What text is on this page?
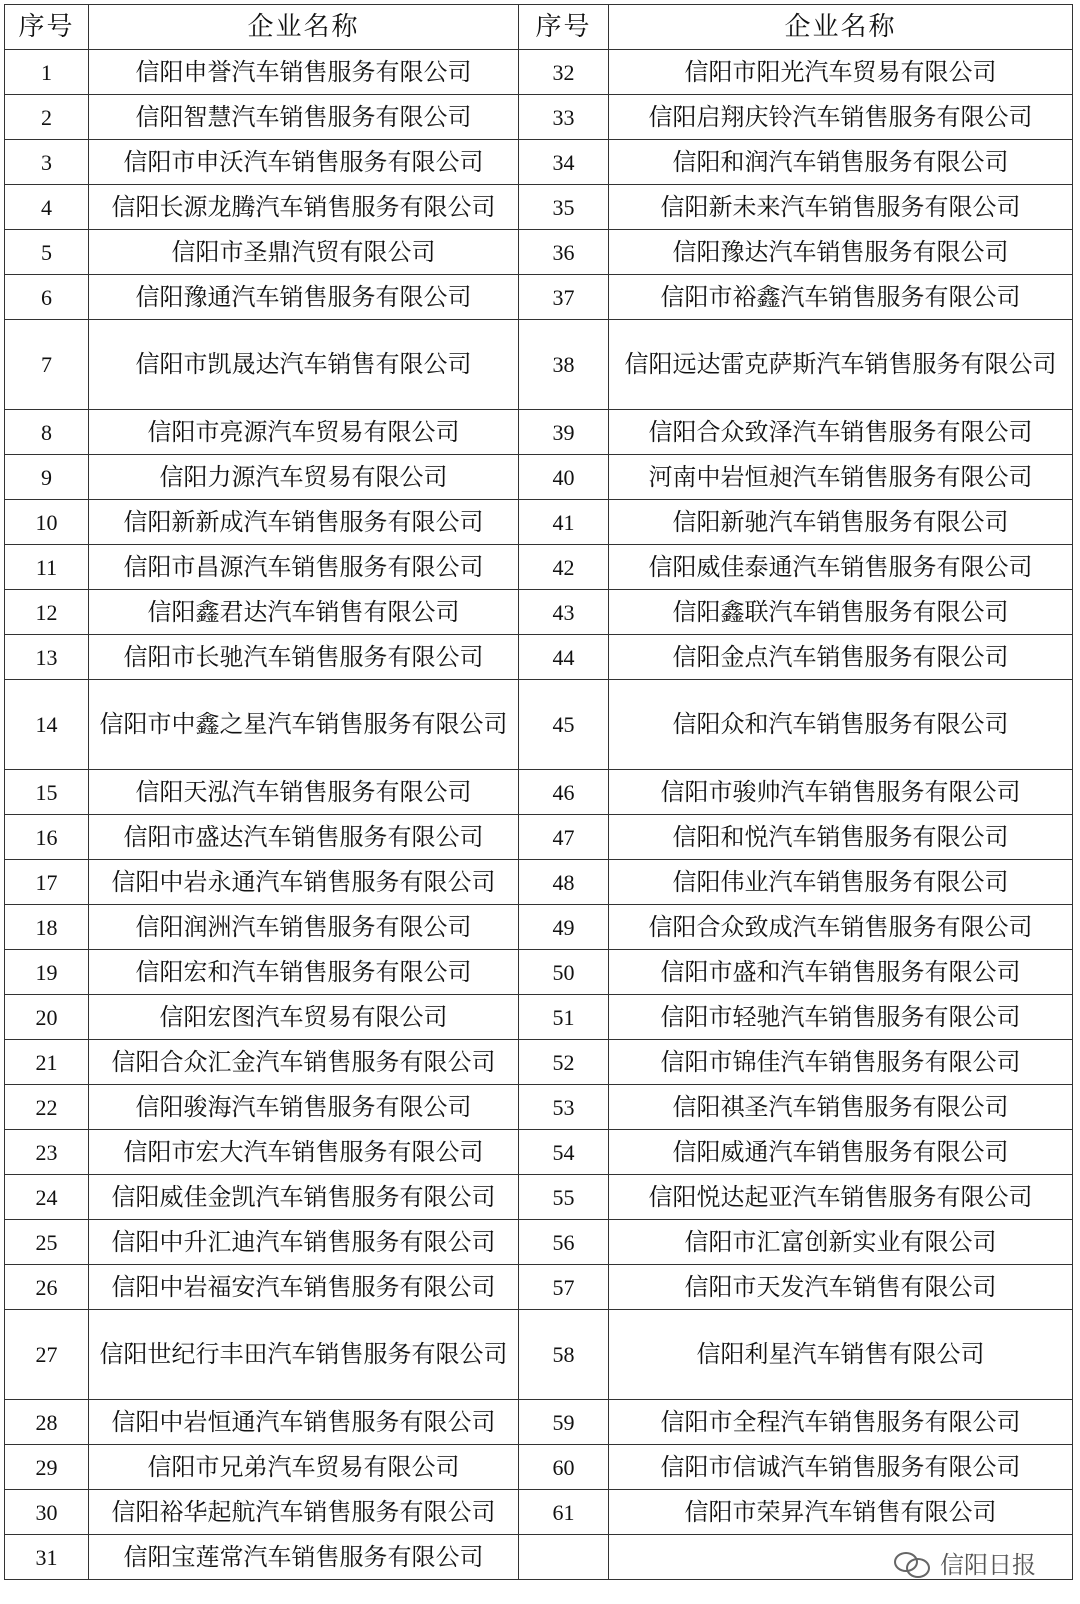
序号	企业名称	序号	企业名称
1	信阳申誉汽车销售服务有限公司	32	信阳市阳光汽车贸易有限公司
2	信阳智慧汽车销售服务有限公司	33	信阳启翔庆铃汽车销售服务有限公司
3	信阳市申沃汽车销售服务有限公司	34	信阳和润汽车销售服务有限公司
4	信阳长源龙腾汽车销售服务有限公司	35	信阳新未来汽车销售服务有限公司
5	信阳市圣鼎汽贸有限公司	36	信阳豫达汽车销售服务有限公司
6	信阳豫通汽车销售服务有限公司	37	信阳市裕鑫汽车销售服务有限公司
7	信阳市凯晟达汽车销售有限公司	38	信阳远达雷克萨斯汽车销售服务有限公司
8	信阳市亮源汽车贸易有限公司	39	信阳合众致泽汽车销售服务有限公司
9	信阳力源汽车贸易有限公司	40	河南中岩恒昶汽车销售服务有限公司
10	信阳新新成汽车销售服务有限公司	41	信阳新驰汽车销售服务有限公司
11	信阳市昌源汽车销售服务有限公司	42	信阳威佳泰通汽车销售服务有限公司
12	信阳鑫君达汽车销售有限公司	43	信阳鑫联汽车销售服务有限公司
13	信阳市长驰汽车销售服务有限公司	44	信阳金点汽车销售服务有限公司
14	信阳市中鑫之星汽车销售服务有限公司	45	信阳众和汽车销售服务有限公司
15	信阳天泓汽车销售服务有限公司	46	信阳市骏帅汽车销售服务有限公司
16	信阳市盛达汽车销售服务有限公司	47	信阳和悦汽车销售服务有限公司
17	信阳中岩永通汽车销售服务有限公司	48	信阳伟业汽车销售服务有限公司
18	信阳润洲汽车销售服务有限公司	49	信阳合众致成汽车销售服务有限公司
19	信阳宏和汽车销售服务有限公司	50	信阳市盛和汽车销售服务有限公司
20	信阳宏图汽车贸易有限公司	51	信阳市轻驰汽车销售服务有限公司
21	信阳合众汇金汽车销售服务有限公司	52	信阳市锦佳汽车销售服务有限公司
22	信阳骏海汽车销售服务有限公司	53	信阳祺圣汽车销售服务有限公司
23	信阳市宏大汽车销售服务有限公司	54	信阳威通汽车销售服务有限公司
24	信阳威佳金凯汽车销售服务有限公司	55	信阳悦达起亚汽车销售服务有限公司
25	信阳中升汇迪汽车销售服务有限公司	56	信阳市汇富创新实业有限公司
26	信阳中岩福安汽车销售服务有限公司	57	信阳市天发汽车销售有限公司
27	信阳世纪行丰田汽车销售服务有限公司	58	信阳利星汽车销售有限公司
28	信阳中岩恒通汽车销售服务有限公司	59	信阳市全程汽车销售服务有限公司
29	信阳市兄弟汽车贸易有限公司	60	信阳市信诚汽车销售服务有限公司
30	信阳裕华起航汽车销售服务有限公司	61	信阳市荣昇汽车销售有限公司
31	信阳宝莲常汽车销售服务有限公司			信阳日报
